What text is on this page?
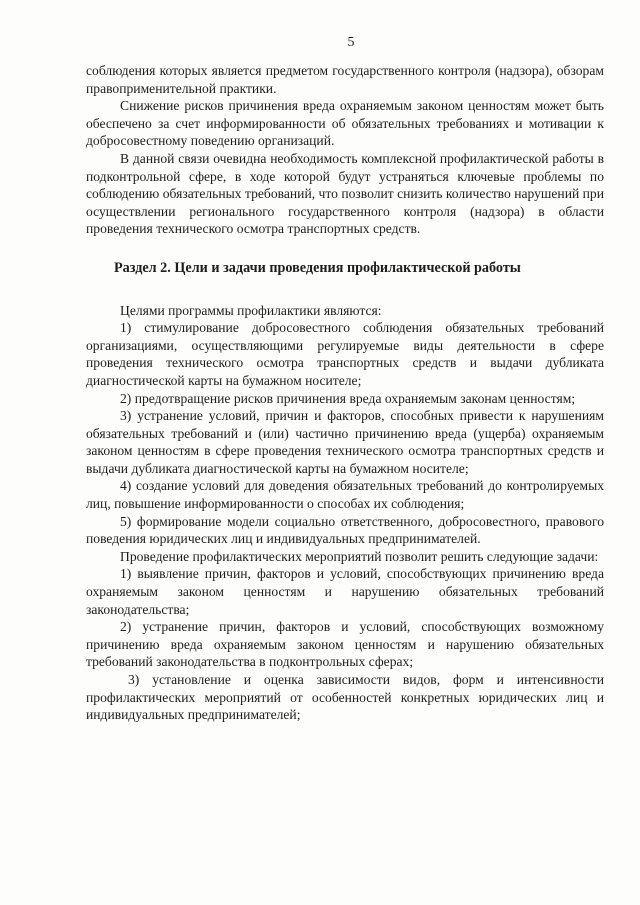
5

соблюдения которых является предметом государственного контроля (надзора), обзорам правоприменительной практики.

Снижение рисков причинения вреда охраняемым законом ценностям может быть обеспечено за счет информированности об обязательных требованиях и мотивации к добросовестному поведению организаций.

В данной связи очевидна необходимость комплексной профилактической работы в подконтрольной сфере, в ходе которой будут устраняться ключевые проблемы по соблюдению обязательных требований, что позволит снизить количество нарушений при осуществлении регионального государственного контроля (надзора) в области проведения технического осмотра транспортных средств.

Раздел 2. Цели и задачи проведения профилактической работы

Целями программы профилактики являются:

1) стимулирование добросовестного соблюдения обязательных требований организациями, осуществляющими регулируемые виды деятельности в сфере проведения технического осмотра транспортных средств и выдачи дубликата диагностической карты на бумажном носителе;

2) предотвращение рисков причинения вреда охраняемым законам ценностям;

3) устранение условий, причин и факторов, способных привести к нарушениям обязательных требований и (или) частично причинению вреда (ущерба) охраняемым законом ценностям в сфере проведения технического осмотра транспортных средств и выдачи дубликата диагностической карты на бумажном носителе;

4) создание условий для доведения обязательных требований до контролируемых лиц, повышение информированности о способах их соблюдения;

5) формирование модели социально ответственного, добросовестного, правового поведения юридических лиц и индивидуальных предпринимателей.

Проведение профилактических мероприятий позволит решить следующие задачи:

1) выявление причин, факторов и условий, способствующих причинению вреда охраняемым законом ценностям и нарушению обязательных требований законодательства;

2) устранение причин, факторов и условий, способствующих возможному причинению вреда охраняемым законом ценностям и нарушению обязательных требований законодательства в подконтрольных сферах;

3) установление и оценка зависимости видов, форм и интенсивности профилактических мероприятий от особенностей конкретных юридических лиц и индивидуальных предпринимателей;
